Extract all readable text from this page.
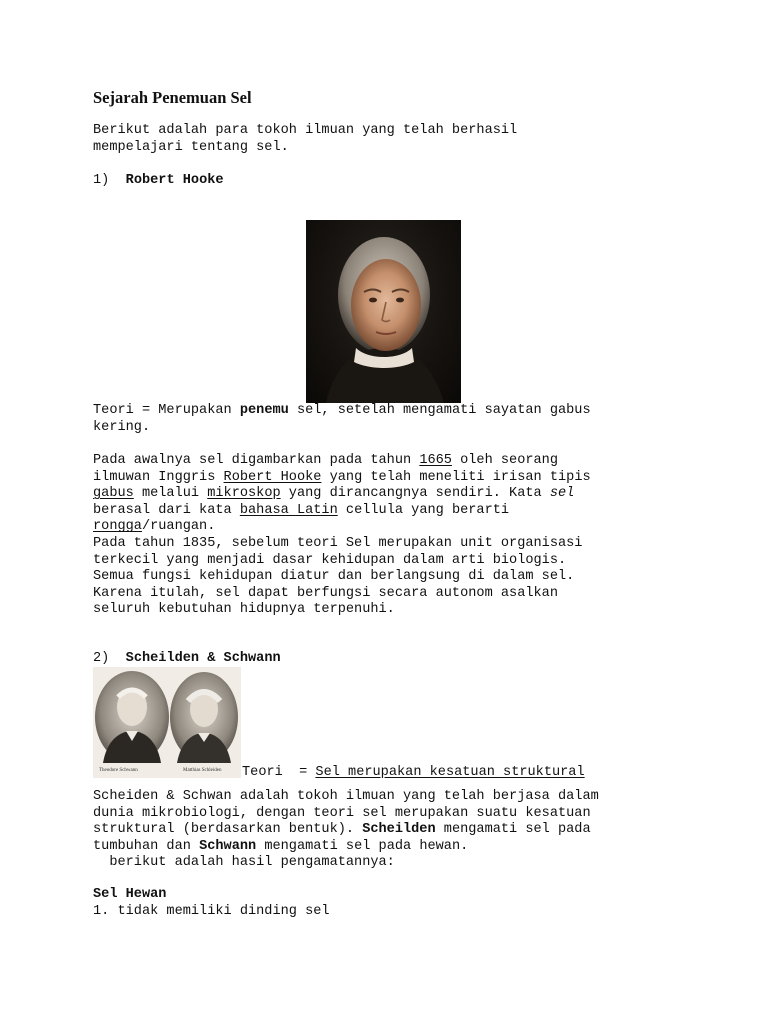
Sejarah Penemuan Sel

Berikut adalah para tokoh ilmuan yang telah berhasil
mempelajari tentang sel.

1) Robert Hooke

Teori = Merupakan penemu sel, setelah mengamati sayatan gabus
kering.

Pada awalnya sel digambarkan pada tahun 1665 oleh seorang
ilmuwan Inggris Robert Hooke yang telah meneliti irisan tipis
gabus melalui mikroskop yang dirancangnya sendiri. Kata sel
berasal dari kata bahasa Latin cellula yang berarti
rongga/ruangan.
Pada tahun 1835, sebelum teori Sel merupakan unit organisasi
terkecil yang menjadi dasar kehidupan dalam arti biologis.
Semua fungsi kehidupan diatur dan berlangsung di dalam sel.
Karena itulah, sel dapat berfungsi secara autonom asalkan
seluruh kebutuhan hidupnya terpenuhi.

2) Scheilden & Schwann

Theodore Schwann	Matthias Schleiden Teori  = Sel merupakan kesatuan struktural

Scheiden & Schwan adalah tokoh ilmuan yang telah berjasa dalam
dunia mikrobiologi, dengan teori sel merupakan suatu kesatuan
struktural (berdasarkan bentuk). Scheilden mengamati sel pada
tumbuhan dan Schwann mengamati sel pada hewan.
berikut adalah hasil pengamatannya:

Sel Hewan
1. tidak memiliki dinding sel
